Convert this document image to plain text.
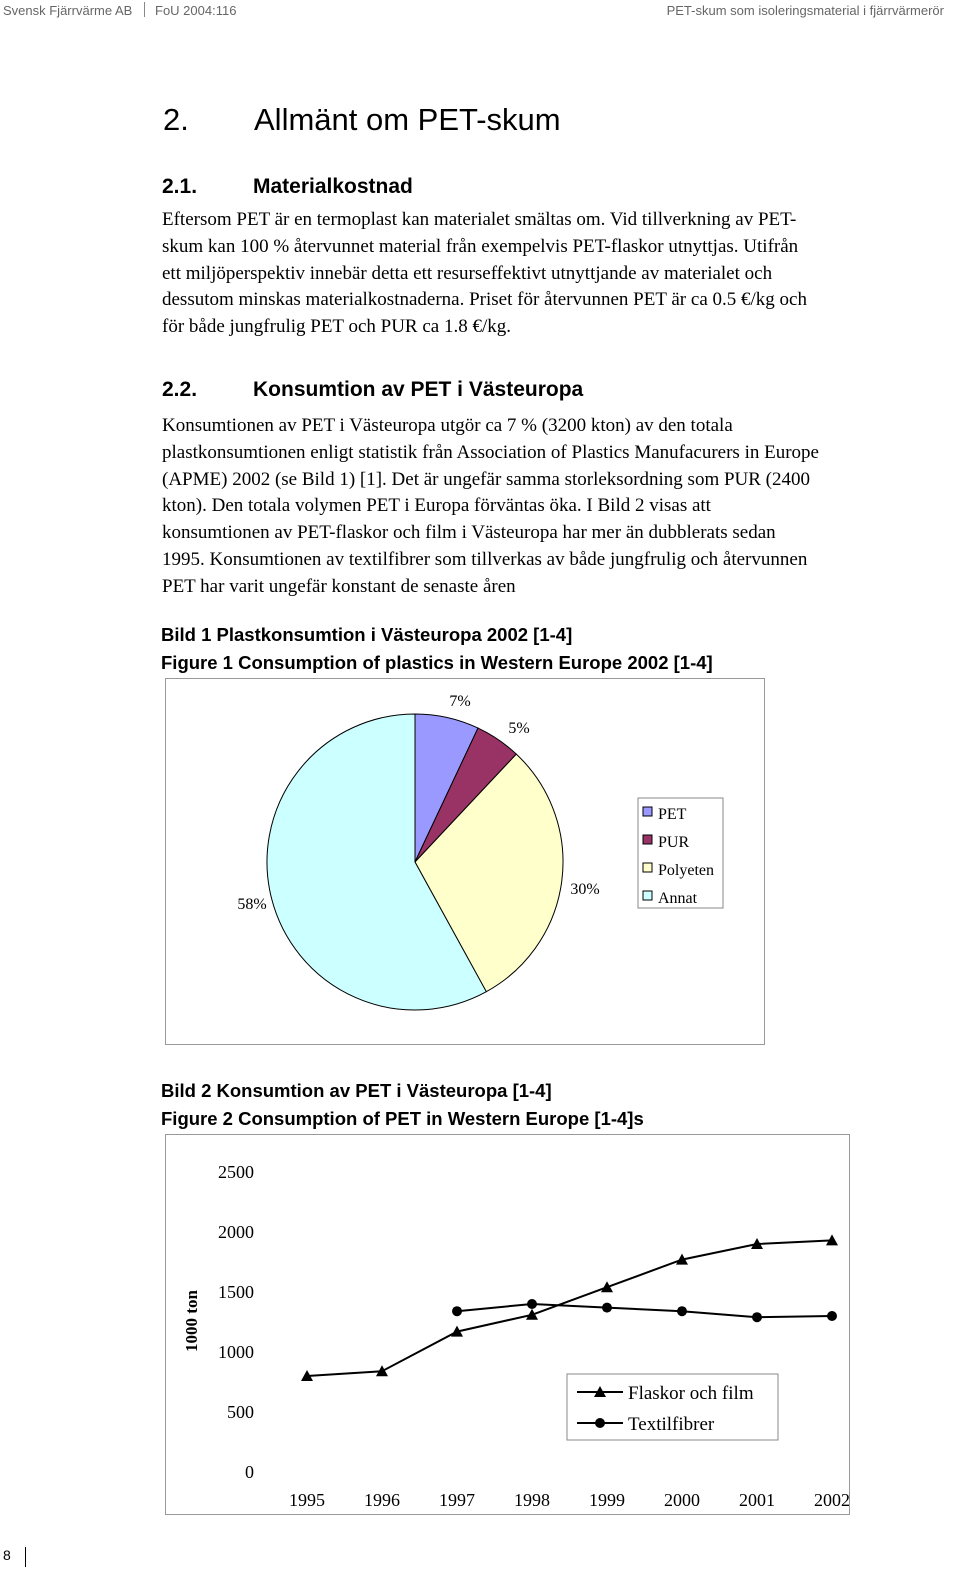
Svensk Fjärrvärme AB FoU 2004:116	PET-skum som isoleringsmaterial i fjärrvärmerör
2. Allmänt om PET-skum
2.1.	Materialkostnad
Eftersom PET är en termoplast kan materialet smältas om. Vid tillverkning av PET-
skum kan 100 % återvunnet material från exempelvis PET-flaskor utnyttjas. Utifrån
ett miljöperspektiv innebär detta ett resurseffektivt utnyttjande av materialet och
dessutom minskas materialkostnaderna. Priset för återvunnen PET är ca 0.5 €/kg och
för både jungfrulig PET och PUR ca 1.8 €/kg.
2.2.	Konsumtion av PET i Västeuropa
Konsumtionen av PET i Västeuropa utgör ca 7 % (3200 kton) av den totala
plastkonsumtionen enligt statistik från Association of Plastics Manufacurers in Europe
(APME) 2002 (se Bild 1) [1]. Det är ungefär samma storleksordning som PUR (2400
kton). Den totala volymen PET i Europa förväntas öka. I Bild 2 visas att
konsumtionen av PET-flaskor och film i Västeuropa har mer än dubblerats sedan
1995. Konsumtionen av textilfibrer som tillverkas av både jungfrulig och återvunnen
PET har varit ungefär konstant de senaste åren
Bild 1 Plastkonsumtion i Västeuropa 2002 [1-4]
Figure 1 Consumption of plastics in Western Europe 2002 [1-4]
7%
5%
30%
58%
PET
PUR
Polyeten
Annat
Bild 2 Konsumtion av PET i Västeuropa [1-4]
Figure 2 Consumption of PET in Western Europe [1-4]s
1000 ton
0
500
1000
1500
2000
2500
1995 1996 1997 1998 1999 2000 2001 2002
Flaskor och film
Textilfibrer
8
